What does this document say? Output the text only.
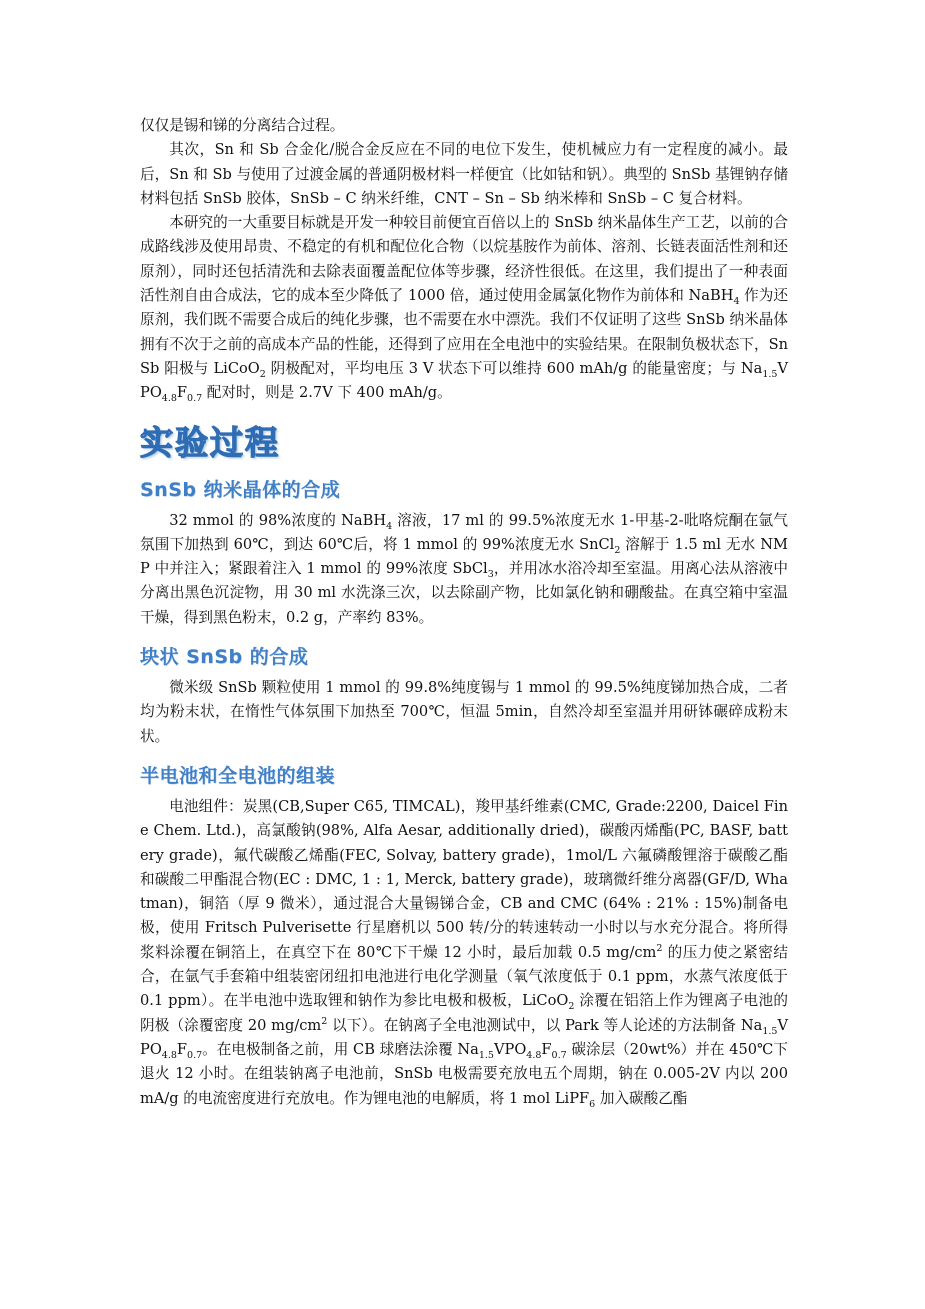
仅仅是锡和锑的分离结合过程。

其次，Sn 和 Sb 合金化/脱合金反应在不同的电位下发生，使机械应力有一定程度的减小。最后，Sn 和 Sb 与使用了过渡金属的普通阴极材料一样便宜（比如钴和钒）。典型的 SnSb 基锂钠存储材料包括 SnSb 胶体，SnSb – C 纳米纤维，CNT – Sn – Sb 纳米棒和 SnSb – C 复合材料。

本研究的一大重要目标就是开发一种较目前便宜百倍以上的 SnSb 纳米晶体生产工艺，以前的合成路线涉及使用昂贵、不稳定的有机和配位化合物（以烷基胺作为前体、溶剂、长链表面活性剂和还原剂），同时还包括清洗和去除表面覆盖配位体等步骤，经济性很低。在这里，我们提出了一种表面活性剂自由合成法，它的成本至少降低了 1000 倍，通过使用金属氯化物作为前体和 NaBH$_4$ 作为还原剂，我们既不需要合成后的纯化步骤，也不需要在水中漂洗。我们不仅证明了这些 SnSb 纳米晶体拥有不次于之前的高成本产品的性能，还得到了应用在全电池中的实验结果。在限制负极状态下，SnSb 阳极与 LiCoO$_2$ 阴极配对，平均电压 3 V 状态下可以维持 600 mAh/g 的能量密度；与 $Na_{1.5}VPO_{4.8}F_{0.7}$ 配对时，则是 2.7V 下 400 mAh/g。

实验过程
SnSb 纳米晶体的合成

32 mmol 的 98%浓度的 NaBH$_4$ 溶液，17 ml 的 99.5%浓度无水 1-甲基-2-吡咯烷酮在氩气氛围下加热到 60℃，到达 60℃后，将 1 mmol 的 99%浓度无水 SnCl$_2$ 溶解于 1.5 ml 无水 NMP 中并注入；紧跟着注入 1 mmol 的 99%浓度 SbCl$_3$，并用冰水浴冷却至室温。用离心法从溶液中分离出黑色沉淀物，用 30 ml 水洗涤三次，以去除副产物，比如氯化钠和硼酸盐。在真空箱中室温干燥，得到黑色粉末，0.2 g，产率约 83%。

块状 SnSb 的合成

微米级 SnSb 颗粒使用 1 mmol 的 99.8%纯度锡与 1 mmol 的 99.5%纯度锑加热合成，二者均为粉末状，在惰性气体氛围下加热至 700℃，恒温 5min，自然冷却至室温并用研钵碾碎成粉末状。

半电池和全电池的组装

电池组件：炭黑(CB,Super C65, TIMCAL)，羧甲基纤维素(CMC, Grade:2200, Daicel Fine Chem. Ltd.)，高氯酸钠(98%, Alfa Aesar, additionally dried)，碳酸丙烯酯(PC, BASF, battery grade)，氟代碳酸乙烯酯(FEC, Solvay, battery grade)，1mol/L 六氟磷酸锂溶于碳酸乙酯和碳酸二甲酯混合物(EC : DMC, 1 : 1, Merck, battery grade)，玻璃微纤维分离器(GF/D, Whatman)，铜箔（厚 9 微米），通过混合大量锡锑合金，CB and CMC (64% : 21% : 15%)制备电极，使用 Fritsch Pulverisette 行星磨机以 500 转/分的转速转动一小时以与水充分混合。将所得浆料涂覆在铜箔上，在真空下在 80℃下干燥 12 小时，最后加载 0.5 $mg/cm^2$ 的压力使之紧密结合，在氩气手套箱中组装密闭纽扣电池进行电化学测量（氧气浓度低于 0.1 ppm，水蒸气浓度低于 0.1 ppm）。在半电池中选取锂和钠作为参比电极和极板，LiCoO$_2$ 涂覆在铝箔上作为锂离子电池的阴极（涂覆密度 20 $mg/cm^2$ 以下）。在钠离子全电池测试中，以 Park 等人论述的方法制备 $Na_{1.5}VPO_{4.8}F_{0.7}$。在电极制备之前，用 CB 球磨法涂覆 $Na_{1.5}VPO_{4.8}F_{0.7}$ 碳涂层（20wt%）并在 450℃下退火 12 小时。在组装钠离子电池前，SnSb 电极需要充放电五个周期，钠在 0.005-2V 内以 200 mA/g 的电流密度进行充放电。作为锂电池的电解质，将 1 mol LiPF$_6$ 加入碳酸乙酯
